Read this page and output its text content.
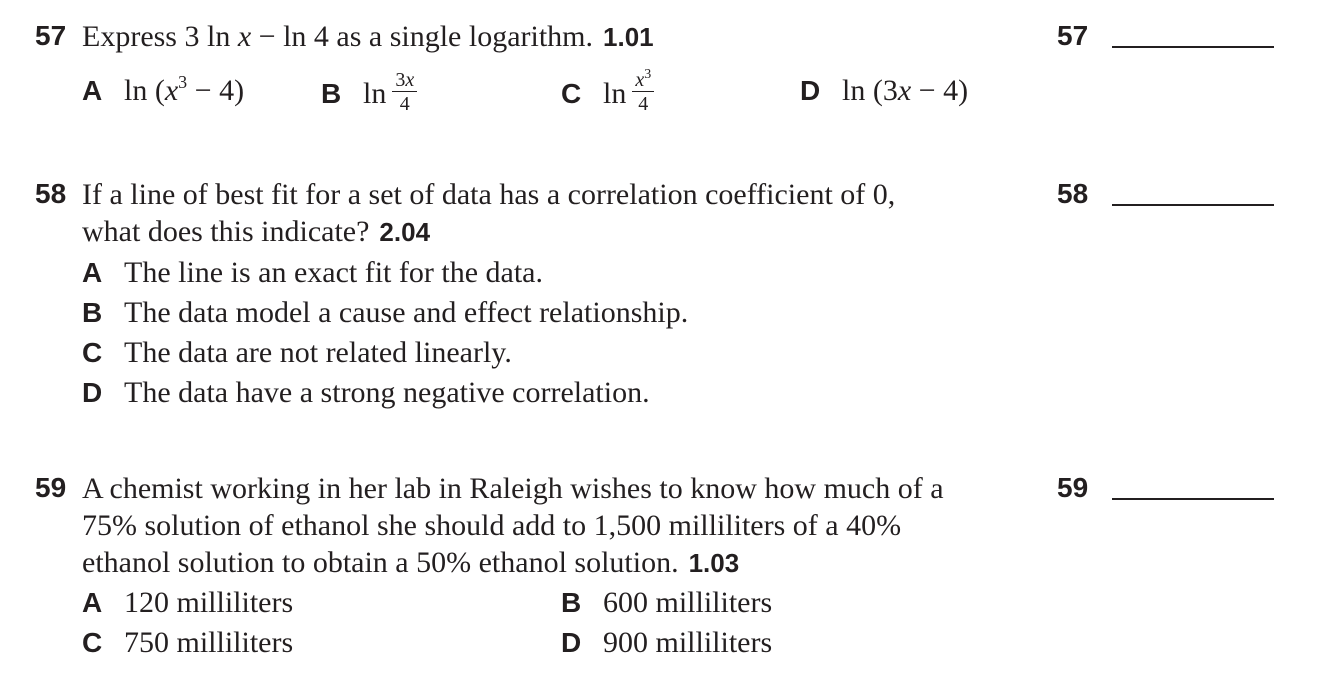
57 Express 3 ln x − ln 4 as a single logarithm. 1.01	57
A $\ln (x^3 - 4)$	B $\ln \frac{3x}{4}$	C $\ln \frac{x^3}{4}$	D ln (3x − 4)
58 If a line of best fit for a set of data has a correlation coefficient of 0,
what does this indicate? 2.04
58
A The line is an exact fit for the data.
B The data model a cause and effect relationship.
C The data are not related linearly.
D The data have a strong negative correlation.
59 A chemist working in her lab in Raleigh wishes to know how much of a
75% solution of ethanol she should add to 1,500 milliliters of a 40%
ethanol solution to obtain a 50% ethanol solution. 1.03
59
A 120 milliliters	B 600 milliliters
C 750 milliliters	D 900 milliliters
